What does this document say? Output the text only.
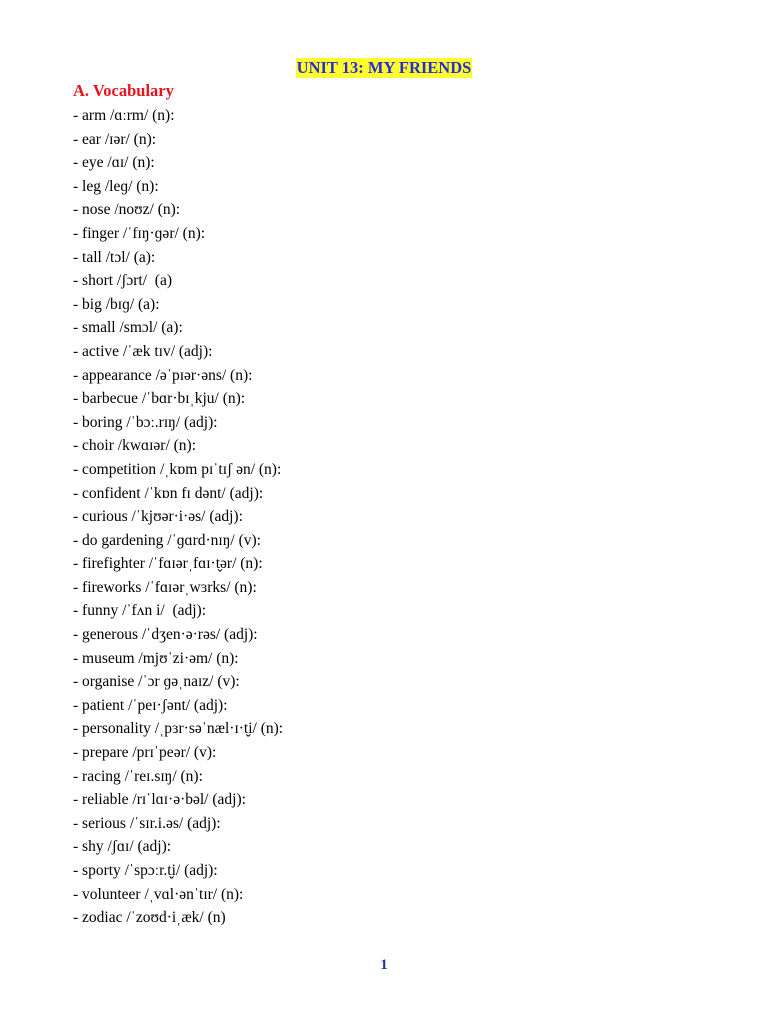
UNIT 13: MY FRIENDS
A. Vocabulary
- arm /ɑːrm/ (n):
- ear /ɪər/ (n):
- eye /ɑɪ/ (n):
- leg /leɡ/ (n):
- nose /noʊz/ (n):
- finger /ˈfɪŋ·ɡər/ (n):
- tall /tɔl/ (a):
- short /ʃɔrt/  (a)
- big /bɪɡ/ (a):
- small /smɔl/ (a):
- active /ˈæk tɪv/ (adj):
- appearance /əˈpɪər·əns/ (n):
- barbecue /ˈbɑr·bɪˌkju/ (n):
- boring /ˈbɔː.rɪŋ/ (adj):
- choir /kwɑɪər/ (n):
- competition /ˌkɒm pɪˈtɪʃ ən/ (n):
- confident /ˈkɒn fɪ dənt/ (adj):
- curious /ˈkjʊər·i·əs/ (adj):
- do gardening /ˈɡɑrd·nɪŋ/ (v):
- firefighter /ˈfɑɪərˌfɑɪ·t̬ər/ (n):
- fireworks /ˈfɑɪərˌwɜrks/ (n):
- funny /ˈfʌn i/  (adj):
- generous /ˈdʒen·ə·rəs/ (adj):
- museum /mjʊˈzi·əm/ (n):
- organise /ˈɔr ɡəˌnaɪz/ (v):
- patient /ˈpeɪ·ʃənt/ (adj):
- personality /ˌpɜr·səˈnæl·ɪ·t̬i/ (n):
- prepare /prɪˈpeər/ (v):
- racing /ˈreɪ.sɪŋ/ (n):
- reliable /rɪˈlɑɪ·ə·bəl/ (adj):
- serious /ˈsɪr.i.əs/ (adj):
- shy /ʃɑɪ/ (adj):
- sporty /ˈspɔːr.t̬i/ (adj):
- volunteer /ˌvɑl·ənˈtɪr/ (n):
- zodiac /ˈzoʊd·iˌæk/ (n)
1
